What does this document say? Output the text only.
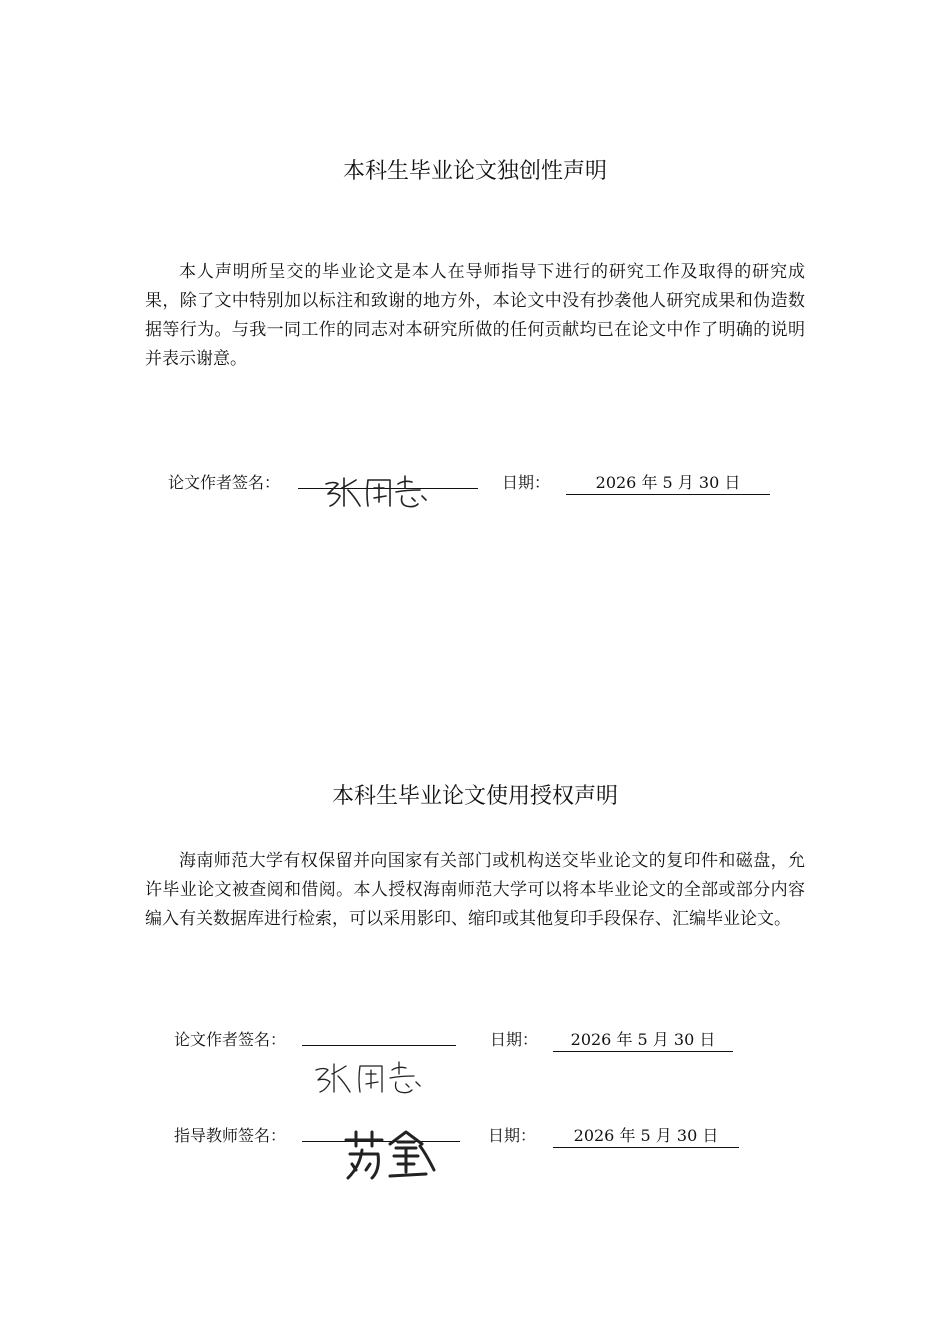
本科生毕业论文独创性声明

本人声明所呈交的毕业论文是本人在导师指导下进行的研究工作及取得的研究成果，除了文中特别加以标注和致谢的地方外，本论文中没有抄袭他人研究成果和伪造数据等行为。与我一同工作的同志对本研究所做的任何贡献均已在论文中作了明确的说明并表示谢意。

论文作者签名：	日期：	2026 年 5 月 30 日
本科生毕业论文使用授权声明

海南师范大学有权保留并向国家有关部门或机构送交毕业论文的复印件和磁盘，允许毕业论文被查阅和借阅。本人授权海南师范大学可以将本毕业论文的全部或部分内容编入有关数据库进行检索，可以采用影印、缩印或其他复印手段保存、汇编毕业论文。

论文作者签名：	日期：	2026 年 5 月 30 日
指导教师签名：	日期：	2026 年 5 月 30 日
